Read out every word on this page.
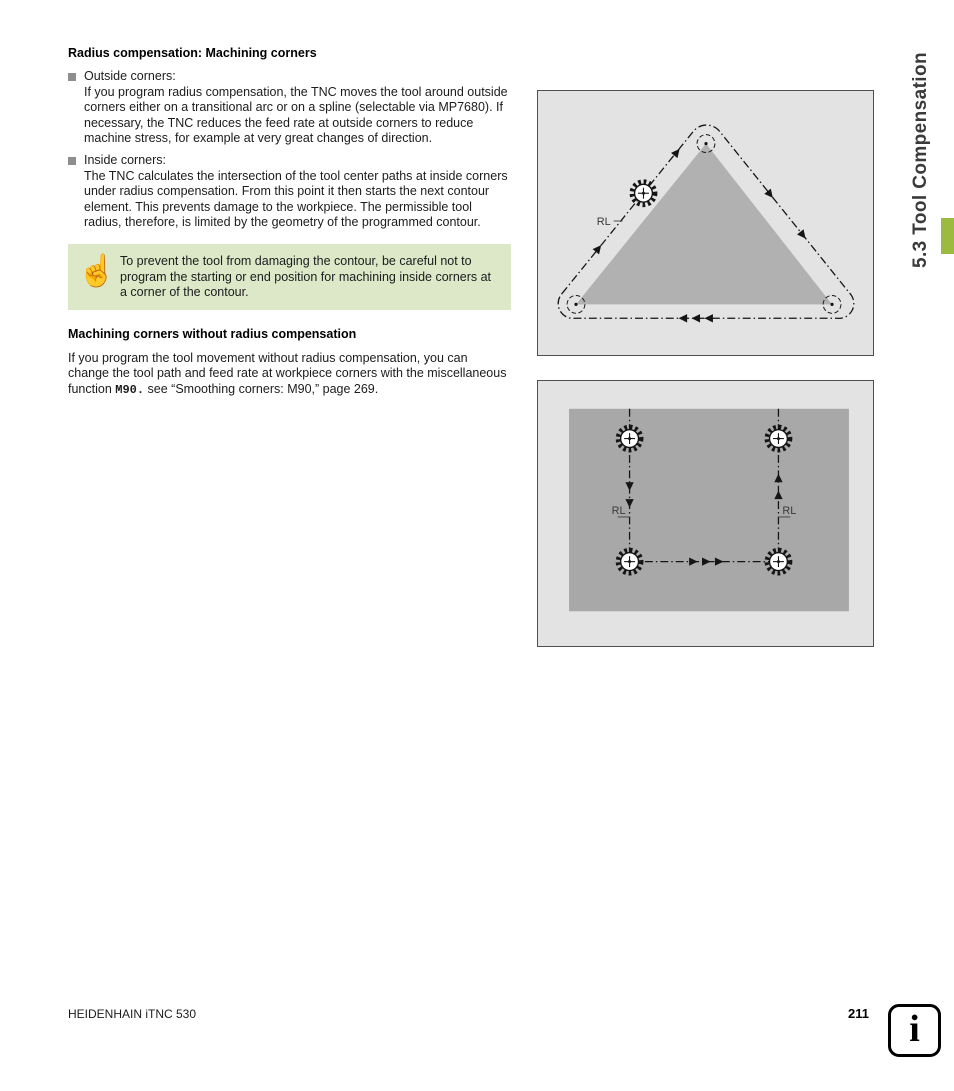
5.3 Tool Compensation
Radius compensation: Machining corners
Outside corners:
If you program radius compensation, the TNC moves the tool around outside corners either on a transitional arc or on a spline (selectable via MP7680). If necessary, the TNC reduces the feed rate at outside corners to reduce machine stress, for example at very great changes of direction.
Inside corners:
The TNC calculates the intersection of the tool center paths at inside corners under radius compensation. From this point it then starts the next contour element. This prevents damage to the workpiece. The permissible tool radius, therefore, is limited by the geometry of the programmed contour.
☝ To prevent the tool from damaging the contour, be careful not to program the starting or end position for machining inside corners at a corner of the contour.

Machining corners without radius compensation

If you program the tool movement without radius compensation, you can change the tool path and feed rate at workpiece corners with the miscellaneous function M90. see “Smoothing corners: M90,” page 269.

RL
RL	RL
HEIDENHAIN iTNC 530	211 i
